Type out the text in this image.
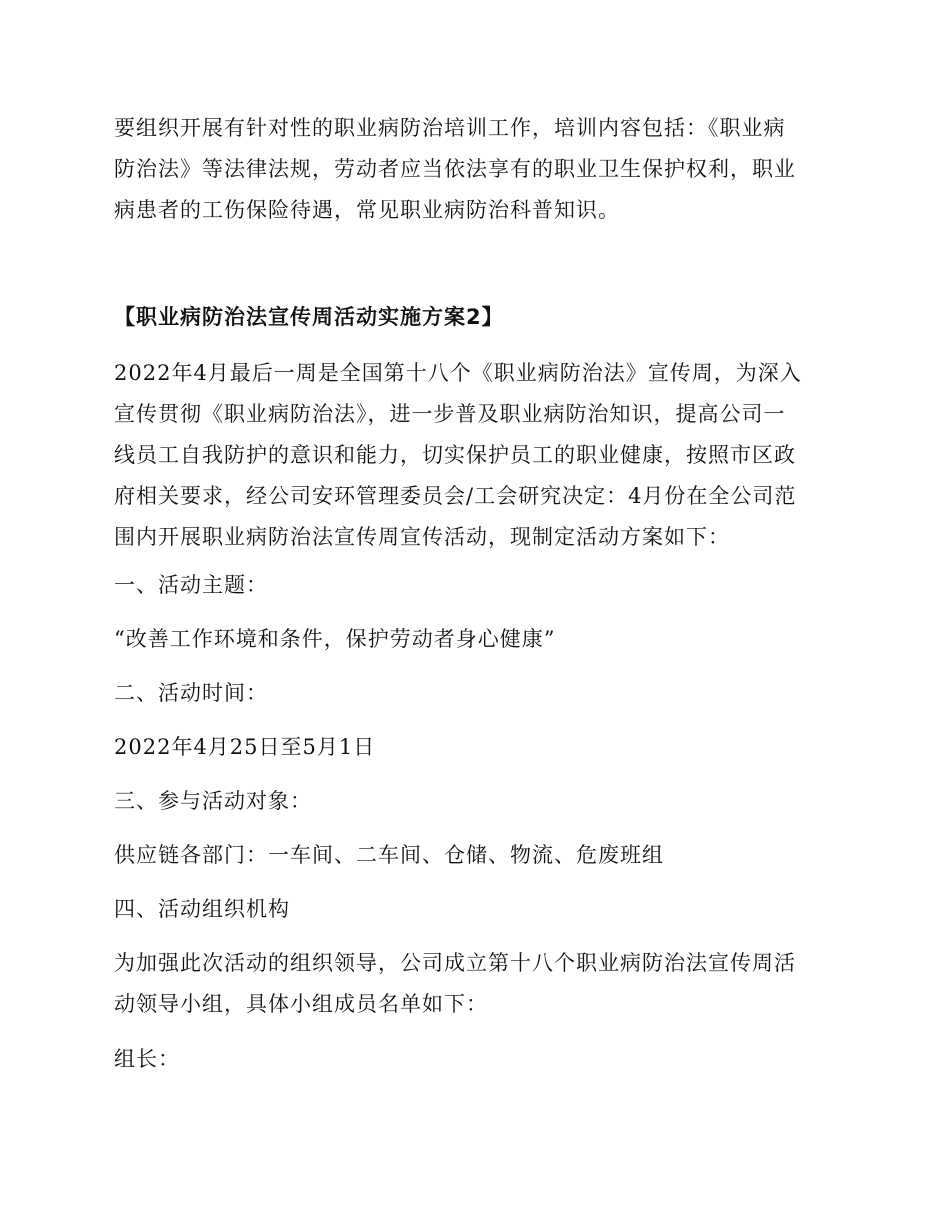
要组织开展有针对性的职业病防治培训工作，培训内容包括：《职业病
防治法》等法律法规，劳动者应当依法享有的职业卫生保护权利，职业
病患者的工伤保险待遇，常见职业病防治科普知识。
【职业病防治法宣传周活动实施方案2】
2022年4月最后一周是全国第十八个《职业病防治法》宣传周，为深入
宣传贯彻《职业病防治法》，进一步普及职业病防治知识，提高公司一
线员工自我防护的意识和能力，切实保护员工的职业健康，按照市区政
府相关要求，经公司安环管理委员会/工会研究决定：4月份在全公司范
围内开展职业病防治法宣传周宣传活动，现制定活动方案如下：
一、活动主题：
“改善工作环境和条件，保护劳动者身心健康”
二、活动时间：
2022年4月25日至5月1日
三、参与活动对象：
供应链各部门：一车间、二车间、仓储、物流、危废班组
四、活动组织机构
为加强此次活动的组织领导，公司成立第十八个职业病防治法宣传周活
动领导小组，具体小组成员名单如下：
组长：
